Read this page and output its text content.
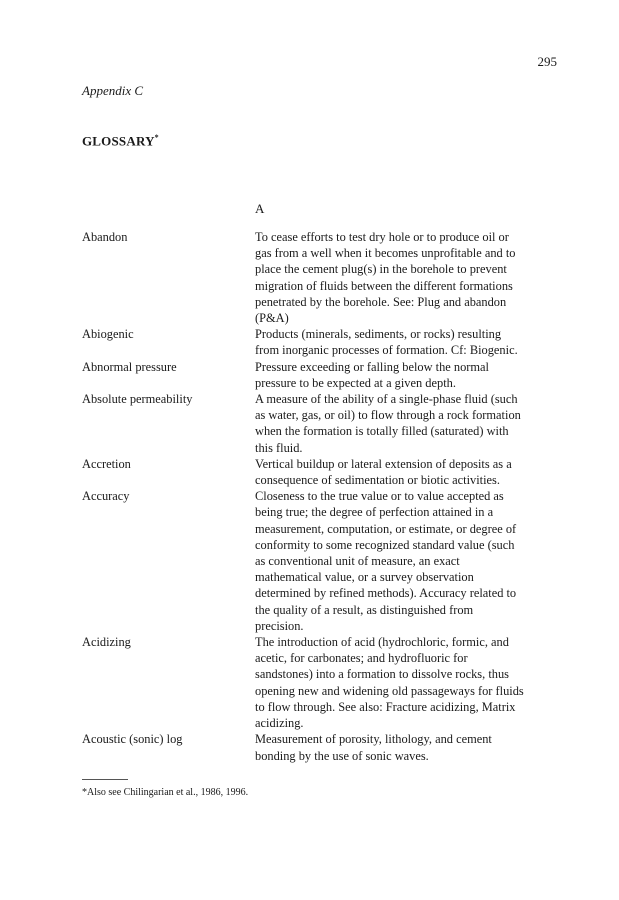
295
Appendix C
GLOSSARY*
A
Abandon	To cease efforts to test dry hole or to produce oil or
gas from a well when it becomes unprofitable and to
place the cement plug(s) in the borehole to prevent
migration of fluids between the different formations
penetrated by the borehole. See: Plug and abandon
(P&A)
Abiogenic	Products (minerals, sediments, or rocks) resulting
from inorganic processes of formation. Cf: Biogenic.
Abnormal pressure	Pressure exceeding or falling below the normal
pressure to be expected at a given depth.
Absolute permeability	A measure of the ability of a single-phase fluid (such
as water, gas, or oil) to flow through a rock formation
when the formation is totally filled (saturated) with
this fluid.
Accretion	Vertical buildup or lateral extension of deposits as a
consequence of sedimentation or biotic activities.
Accuracy	Closeness to the true value or to value accepted as
being true; the degree of perfection attained in a
measurement, computation, or estimate, or degree of
conformity to some recognized standard value (such
as conventional unit of measure, an exact
mathematical value, or a survey observation
determined by refined methods). Accuracy related to
the quality of a result, as distinguished from
precision.
Acidizing	The introduction of acid (hydrochloric, formic, and
acetic, for carbonates; and hydrofluoric for
sandstones) into a formation to dissolve rocks, thus
opening new and widening old passageways for fluids
to flow through. See also: Fracture acidizing, Matrix
acidizing.
Acoustic (sonic) log	Measurement of porosity, lithology, and cement
bonding by the use of sonic waves.
*Also see Chilingarian et al., 1986, 1996.
